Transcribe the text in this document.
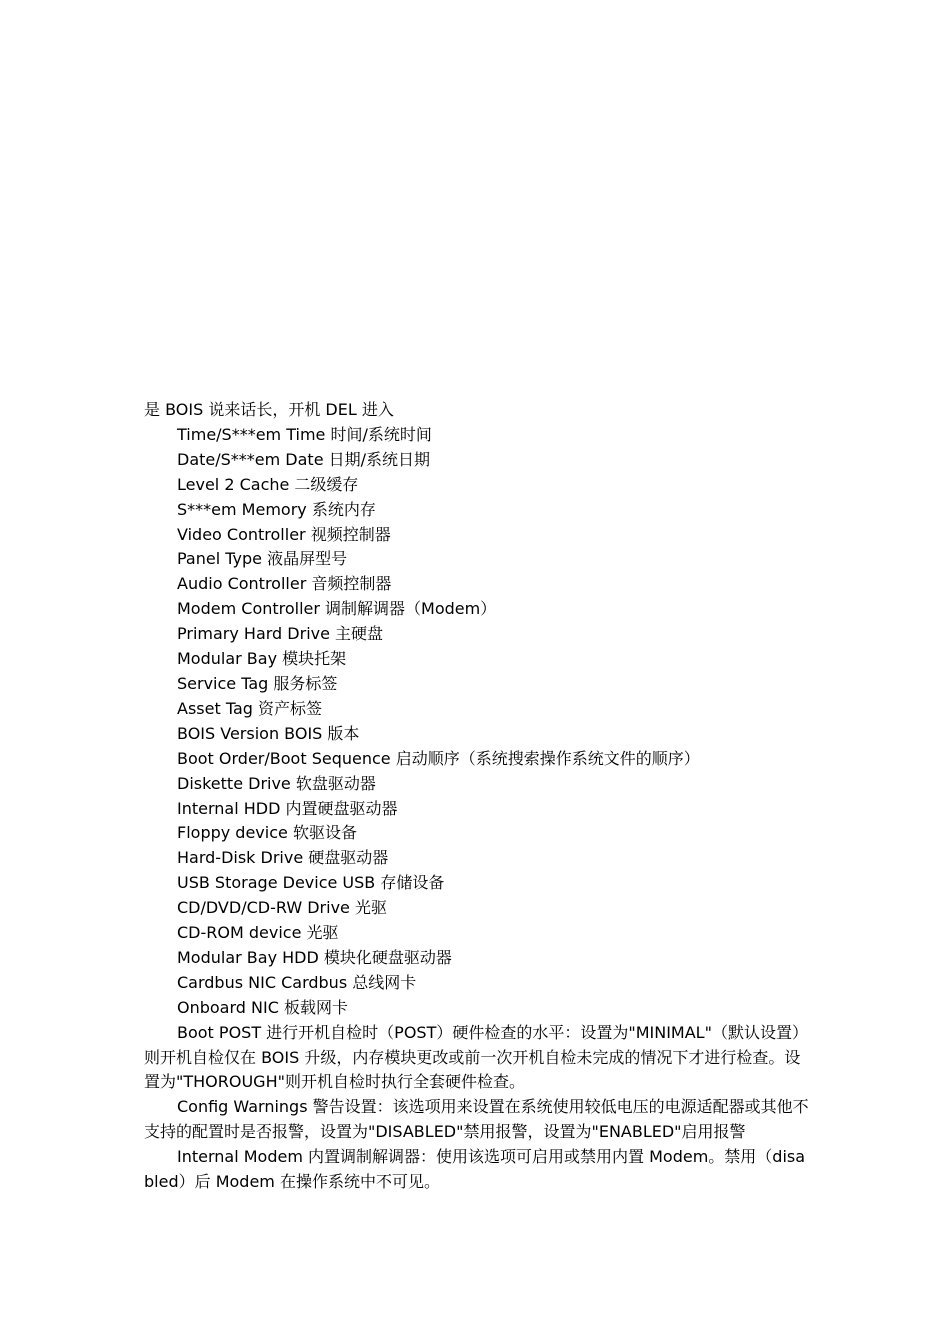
是 BOIS 说来话长，开机 DEL 进入

Time/S***em Time 时间/系统时间

Date/S***em Date 日期/系统日期

Level 2 Cache 二级缓存

S***em Memory 系统内存

Video Controller 视频控制器

Panel Type 液晶屏型号

Audio Controller 音频控制器

Modem Controller 调制解调器（Modem）

Primary Hard Drive 主硬盘

Modular Bay 模块托架

Service Tag 服务标签

Asset Tag 资产标签

BOIS Version BOIS 版本

Boot Order/Boot Sequence 启动顺序（系统搜索操作系统文件的顺序）

Diskette Drive 软盘驱动器

Internal HDD 内置硬盘驱动器

Floppy device 软驱设备

Hard-Disk Drive 硬盘驱动器

USB Storage Device USB 存储设备

CD/DVD/CD-RW Drive 光驱

CD-ROM device 光驱

Modular Bay HDD 模块化硬盘驱动器

Cardbus NIC Cardbus 总线网卡

Onboard NIC 板载网卡

Boot POST 进行开机自检时（POST）硬件检查的水平：设置为"MINIMAL"（默认设置）则开机自检仅在 BOIS 升级，内存模块更改或前一次开机自检未完成的情况下才进行检查。设置为"THOROUGH"则开机自检时执行全套硬件检查。

Config Warnings 警告设置：该选项用来设置在系统使用较低电压的电源适配器或其他不支持的配置时是否报警，设置为"DISABLED"禁用报警，设置为"ENABLED"启用报警

Internal Modem 内置调制解调器：使用该选项可启用或禁用内置 Modem。禁用（disabled）后 Modem 在操作系统中不可见。
